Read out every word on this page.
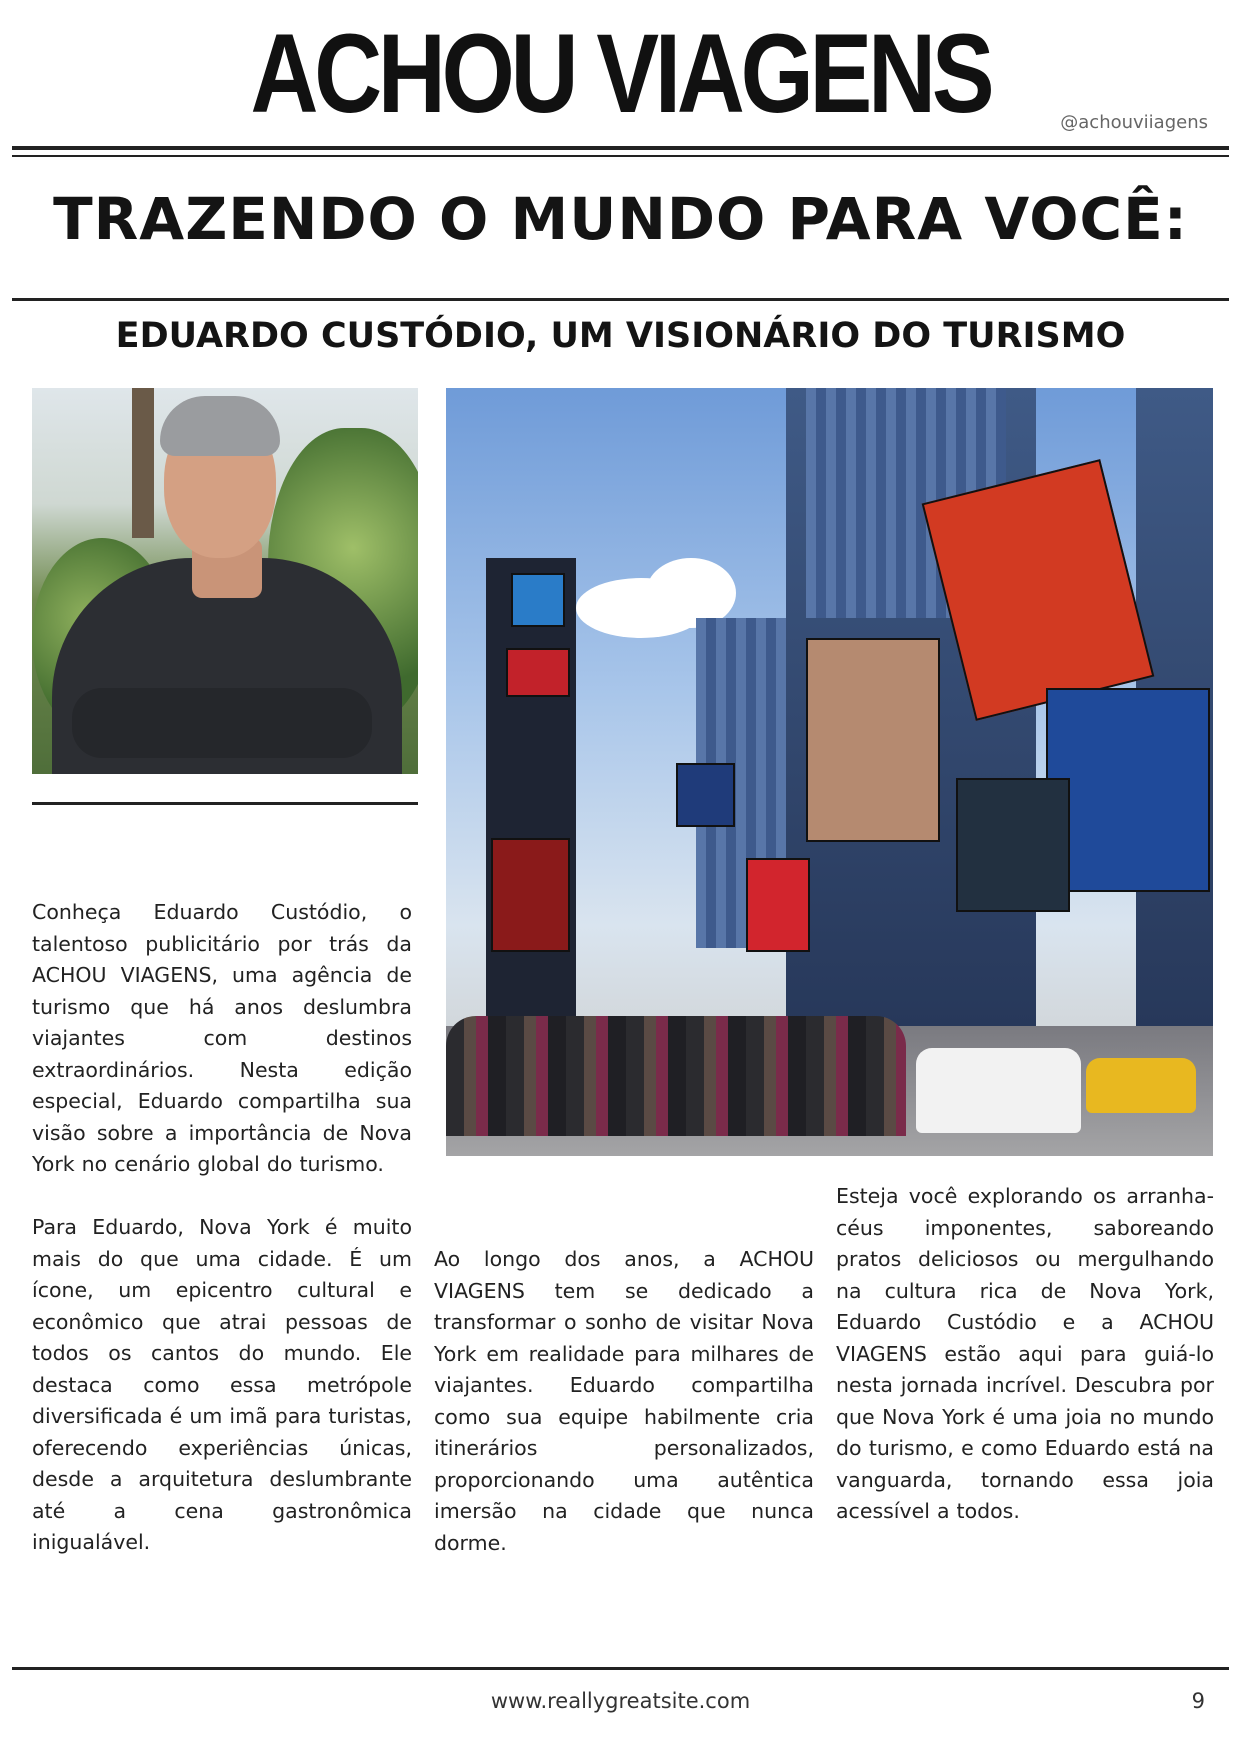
ACHOU VIAGENS	@achouviiagens
TRAZENDO O MUNDO PARA VOCÊ:
EDUARDO CUSTÓDIO, UM VISIONÁRIO DO TURISMO

Conheça Eduardo Custódio, o talentoso publicitário por trás da ACHOU VIAGENS, uma agência de turismo que há anos deslumbra viajantes com destinos extraordinários. Nesta edição especial, Eduardo compartilha sua visão sobre a importância de Nova York no cenário global do turismo.

Para Eduardo, Nova York é muito mais do que uma cidade. É um ícone, um epicentro cultural e econômico que atrai pessoas de todos os cantos do mundo. Ele destaca como essa metrópole diversificada é um imã para turistas, oferecendo experiências únicas, desde a arquitetura deslumbrante até a cena gastronômica inigualável.

Ao longo dos anos, a ACHOU VIAGENS tem se dedicado a transformar o sonho de visitar Nova York em realidade para milhares de viajantes. Eduardo compartilha como sua equipe habilmente cria itinerários personalizados, proporcionando uma autêntica imersão na cidade que nunca dorme.

Esteja você explorando os arranha-céus imponentes, saboreando pratos deliciosos ou mergulhando na cultura rica de Nova York, Eduardo Custódio e a ACHOU VIAGENS estão aqui para guiá-lo nesta jornada incrível. Descubra por que Nova York é uma joia no mundo do turismo, e como Eduardo está na vanguarda, tornando essa joia acessível a todos.

www.reallygreatsite.com	9
